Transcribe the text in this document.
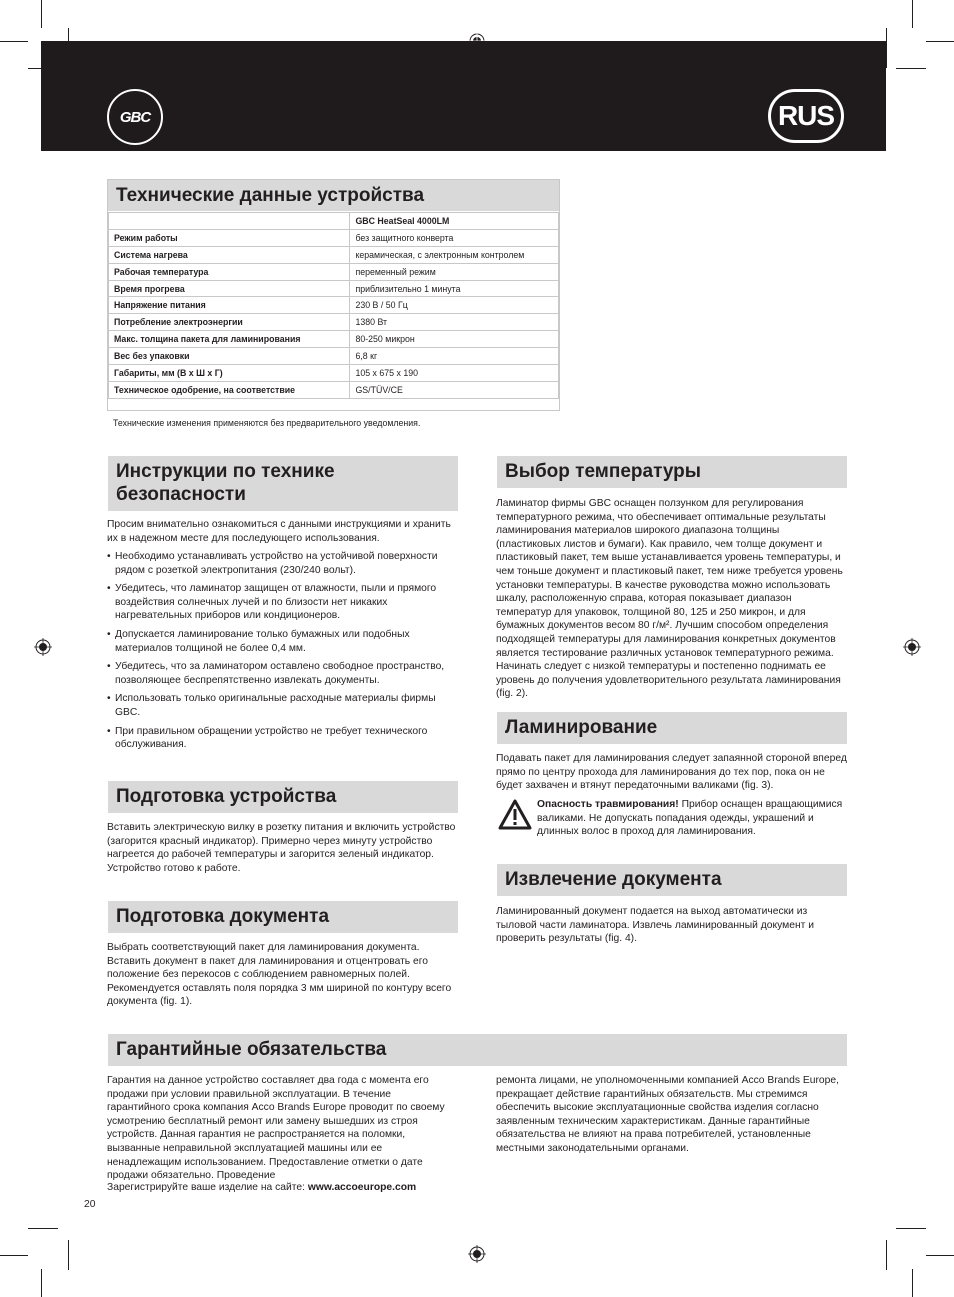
GBC	RUS
Технические данные устройства
	GBC HeatSeal 4000LM
Режим работы	без защитного конверта
Система нагрева	керамическая, с электронным контролем
Рабочая температура	переменный режим
Время прогрева	приблизительно 1 минута
Напряжение питания	230 В / 50 Гц
Потребление электроэнергии	1380 Вт
Макс. толщина пакета для ламинирования	80-250 микрон
Вес без упаковки	6,8 кг
Габариты, мм (В х Ш х Г)	105 х 675 х 190
Техническое одобрение, на соответствие	GS/TÜV/CE

Технические изменения применяются без предварительного уведомления.

Инструкции по технике безопасности

Просим внимательно ознакомиться с данными инструкциями и хранить их в надежном месте для последующего использования.

• Необходимо устанавливать устройство на устойчивой поверхности рядом с розеткой электропитания (230/240 вольт).
• Убедитесь, что ламинатор защищен от влажности, пыли и прямого воздействия солнечных лучей и по близости нет никаких нагревательных приборов или кондиционеров.
• Допускается ламинирование только бумажных или подобных материалов толщиной не более 0,4 мм.
• Убедитесь, что за ламинатором оставлено свободное пространство, позволяющее беспрепятственно извлекать документы.
• Использовать только оригинальные расходные материалы фирмы GBC.
• При правильном обращении устройство не требует технического обслуживания.
Подготовка устройства

Вставить электрическую вилку в розетку питания и включить устройство (загорится красный индикатор). Примерно через минуту устройство нагреется до рабочей температуры и загорится зеленый индикатор. Устройство готово к работе.

Подготовка документа

Выбрать соответствующий пакет для ламинирования документа. Вставить документ в пакет для ламинирования и отцентровать его положение без перекосов с соблюдением равномерных полей. Рекомендуется оставлять поля порядка 3 мм шириной по контуру всего документа (fig. 1).

Выбор температуры

Ламинатор фирмы GBC оснащен ползунком для регулирования температурного режима, что обеспечивает оптимальные результаты ламинирования материалов широкого диапазона толщины (пластиковых листов и бумаги). Как правило, чем толще документ и пластиковый пакет, тем выше устанавливается уровень температуры, и чем тоньше документ и пластиковый пакет, тем ниже требуется уровень установки температуры. В качестве руководства можно использовать шкалу, расположенную справа, которая показывает диапазон температур для упаковок, толщиной 80, 125 и 250 микрон, и для бумажных документов весом 80 г/м². Лучшим способом определения подходящей температуры для ламинирования конкретных документов является тестирование различных установок температурного режима. Начинать следует с низкой температуры и постепенно поднимать ее уровень до получения удовлетворительного результата ламинирования (fig. 2).

Ламинирование

Подавать пакет для ламинирования следует запаянной стороной вперед прямо по центру прохода для ламинирования до тех пор, пока он не будет захвачен и втянут передаточными валиками (fig. 3).

Опасность травмирования! Прибор оснащен вращающимися валиками. Не допускать попадания одежды, украшений и длинных волос в проход для ламинирования.

Извлечение документа

Ламинированный документ подается на выход автоматически из тыловой части ламинатора. Извлечь ламинированный документ и проверить результаты (fig. 4).

Гарантийные обязательства

Гарантия на данное устройство составляет два года с момента его продажи при условии правильной эксплуатации. В течение гарантийного срока компания Acco Brands Europe проводит по своему усмотрению бесплатный ремонт или замену вышедших из строя устройств. Данная гарантия не распространяется на поломки, вызванные неправильной эксплуатацией машины или ее ненадлежащим использованием. Предоставление отметки о дате продажи обязательно. Проведение

ремонта лицами, не уполномоченными компанией Acco Brands Europe, прекращает действие гарантийных обязательств. Мы стремимся обеспечить высокие эксплуатационные свойства изделия согласно заявленным техническим характеристикам. Данные гарантийные обязательства не влияют на права потребителей, установленные местными законодательными органами.

Зарегистрируйте ваше изделие на сайте: www.accoeurope.com

20
